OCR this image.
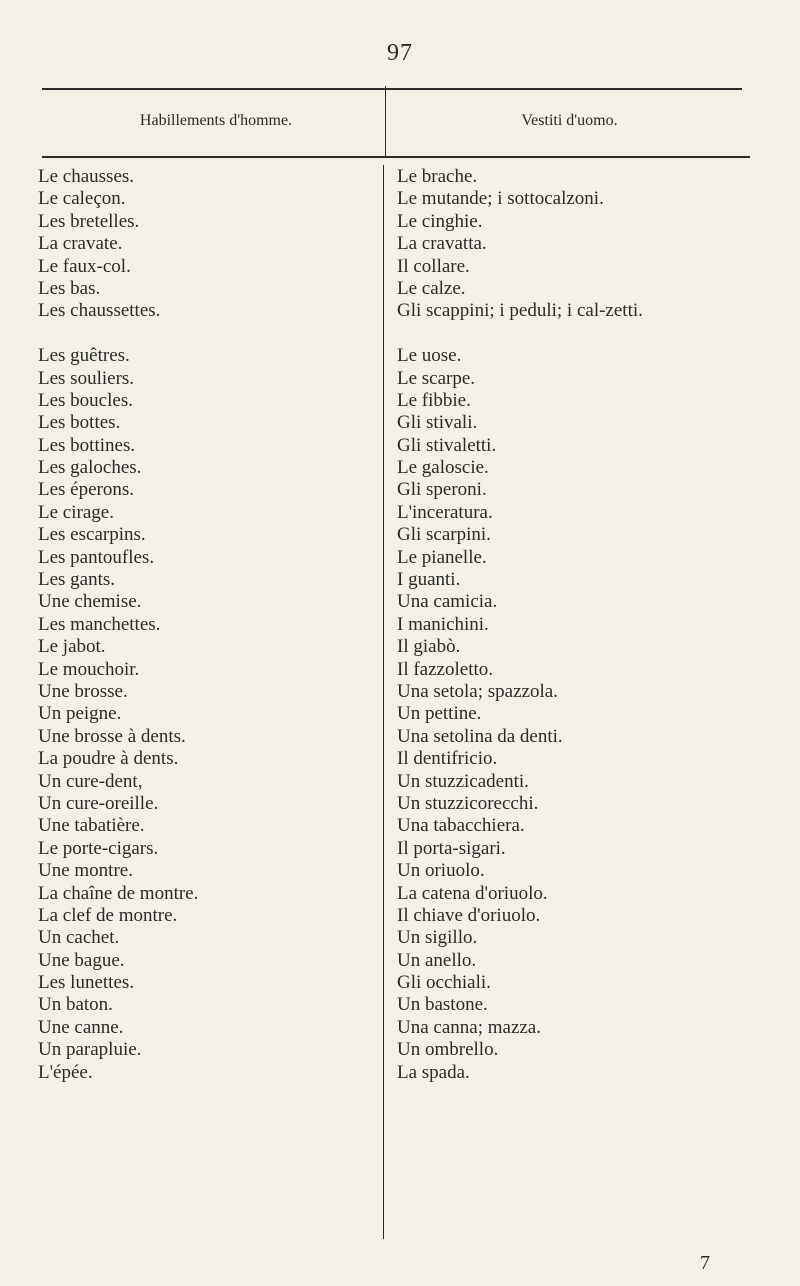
97
Habillements d'homme.	Vestiti d'uomo.
Le chausses.
Le caleçon.
Les bretelles.
La cravate.
Le faux-col.
Les bas.
Les chaussettes.
Les guêtres.
Les souliers.
Les boucles.
Les bottes.
Les bottines.
Les galoches.
Les éperons.
Le cirage.
Les escarpins.
Les pantoufles.
Les gants.
Une chemise.
Les manchettes.
Le jabot.
Le mouchoir.
Une brosse.
Un peigne.
Une brosse à dents.
La poudre à dents.
Un cure-dent,
Un cure-oreille.
Une tabatière.
Le porte-cigars.
Une montre.
La chaîne de montre.
La clef de montre.
Un cachet.
Une bague.
Les lunettes.
Un baton.
Une canne.
Un parapluie.
L'épée.
Le brache.
Le mutande; i sottocalzoni.
Le cinghie.
La cravatta.
Il collare.
Le calze.
Gli scappini; i peduli; i cal-zetti.
Le uose.
Le scarpe.
Le fibbie.
Gli stivali.
Gli stivaletti.
Le galoscie.
Gli speroni.
L'inceratura.
Gli scarpini.
Le pianelle.
I guanti.
Una camicia.
I manichini.
Il giabò.
Il fazzoletto.
Una setola; spazzola.
Un pettine.
Una setolina da denti.
Il dentifricio.
Un stuzzicadenti.
Un stuzzicorecchi.
Una tabacchiera.
Il porta-sigari.
Un oriuolo.
La catena d'oriuolo.
Il chiave d'oriuolo.
Un sigillo.
Un anello.
Gli occhiali.
Un bastone.
Una canna; mazza.
Un ombrello.
La spada.
7
